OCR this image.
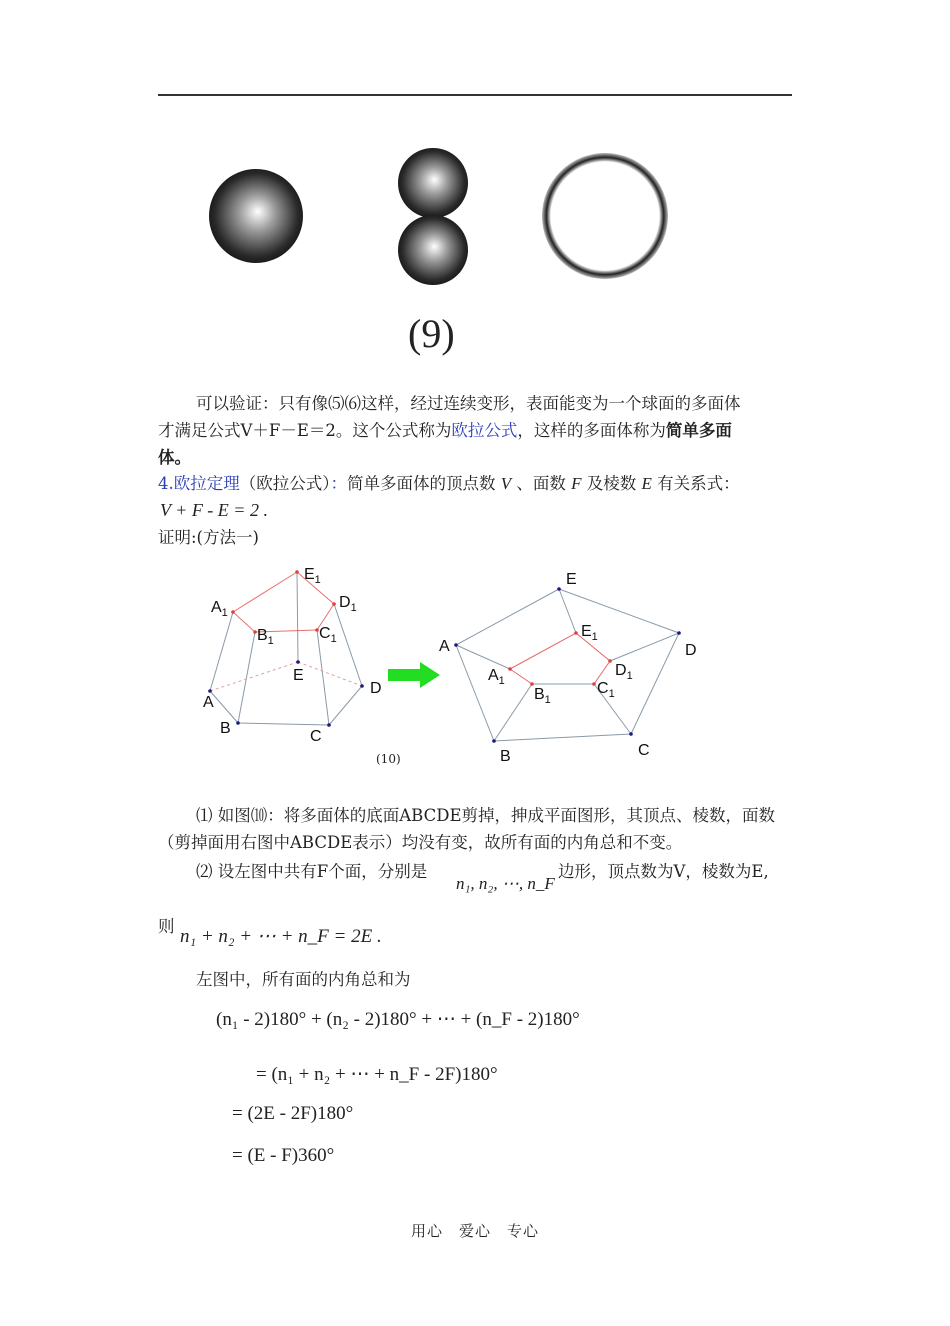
(9)
可以验证：只有像⑸⑹这样，经过连续变形，表面能变为一个球面的多面体
才满足公式V＋F－E＝2。这个公式称为欧拉公式，这样的多面体称为简单多面
体。
4.欧拉定理（欧拉公式）：简单多面体的顶点数 V 、面数 F 及棱数 E 有关系式：
V + F - E = 2 .
证明:(方法一)
$E_1$
$D_1$
$A_1$
$B_1$	$C_1$
E
D
A
B	C
E
$E_1$
D
A
$A_1$
$D_1$
$B_1$
$C_1$
B	C
(10)
⑴ 如图⑽：将多面体的底面ABCDE剪掉，抻成平面图形，其顶点、棱数，面数
（剪掉面用右图中ABCDE表示）均没有变，故所有面的内角总和不变。
⑵ 设左图中共有F个面，分别是
n₁, n₂, ⋯, n_F
边形，顶点数为V，棱数为E,
则 n₁ + n₂ + ⋯ + n_F = 2E .
左图中，所有面的内角总和为
(n₁ - 2)180° + (n₂ - 2)180° + ⋯ + (n_F - 2)180°
= (n₁ + n₂ + ⋯ + n_F - 2F)180°
= (2E - 2F)180°
= (E - F)360°
用心　爱心　专心
